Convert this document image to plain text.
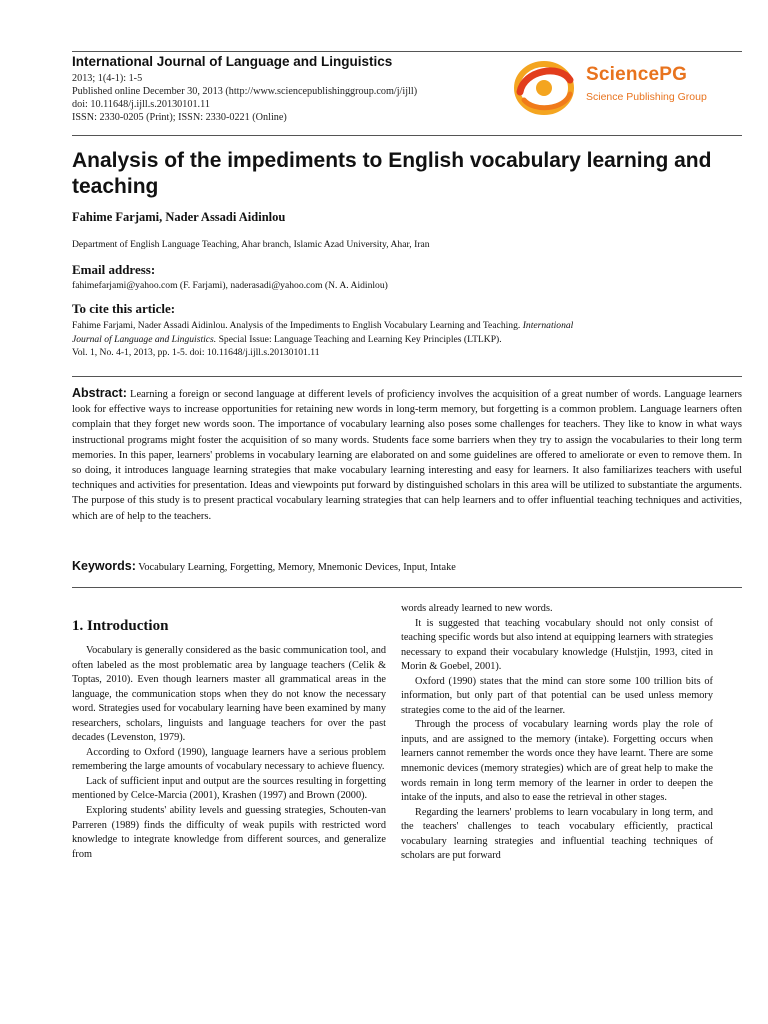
International Journal of Language and Linguistics
2013; 1(4-1): 1-5
Published online December 30, 2013 (http://www.sciencepublishinggroup.com/j/ijll)
doi: 10.11648/j.ijll.s.20130101.11
ISSN: 2330-0205 (Print); ISSN: 2330-0221 (Online)
SciencePG
Science Publishing Group
Analysis of the impediments to English vocabulary learning and teaching
Fahime Farjami, Nader Assadi Aidinlou
Department of English Language Teaching, Ahar branch, Islamic Azad University, Ahar, Iran
Email address:
fahimefarjami@yahoo.com (F. Farjami), naderasadi@yahoo.com (N. A. Aidinlou)
To cite this article:
Fahime Farjami, Nader Assadi Aidinlou. Analysis of the Impediments to English Vocabulary Learning and Teaching. International
Journal of Language and Linguistics. Special Issue: Language Teaching and Learning Key Principles (LTLKP).
Vol. 1, No. 4-1, 2013, pp. 1-5. doi: 10.11648/j.ijll.s.20130101.11
Abstract: Learning a foreign or second language at different levels of proficiency involves the acquisition of a great number of words. Language learners look for effective ways to increase opportunities for retaining new words in long-term memory, but forgetting is a common problem. Language learners often complain that they forget new words soon. The importance of vocabulary learning also poses some challenges for teachers. They like to know in what ways instructional programs might foster the acquisition of so many words. Students face some barriers when they try to assign the vocabularies to their long term memories. In this paper, learners' problems in vocabulary learning are elaborated on and some guidelines are offered to ameliorate or even to remove them. In so doing, it introduces language learning strategies that make vocabulary learning interesting and easy for learners. It also familiarizes teachers with useful techniques and activities for presentation. Ideas and viewpoints put forward by distinguished scholars in this area will be utilized to substantiate the arguments. The purpose of this study is to present practical vocabulary learning strategies that can help learners and to offer influential teaching techniques and activities, which are of help to the teachers.
Keywords: Vocabulary Learning, Forgetting, Memory, Mnemonic Devices, Input, Intake
1. Introduction

Vocabulary is generally considered as the basic communication tool, and often labeled as the most problematic area by language teachers (Celik & Toptas, 2010). Even though learners master all grammatical areas in the language, the communication stops when they do not know the necessary word. Strategies used for vocabulary learning have been examined by many researchers, scholars, linguists and language teachers for over the past decades (Levenston, 1979).

According to Oxford (1990), language learners have a serious problem remembering the large amounts of vocabulary necessary to achieve fluency.

Lack of sufficient input and output are the sources resulting in forgetting mentioned by Celce-Marcia (2001), Krashen (1997) and Brown (2000).

Exploring students' ability levels and guessing strategies, Schouten-van Parreren (1989) finds the difficulty of weak pupils with restricted word knowledge to integrate knowledge from different sources, and generalize from

words already learned to new words.

It is suggested that teaching vocabulary should not only consist of teaching specific words but also intend at equipping learners with strategies necessary to expand their vocabulary knowledge (Hulstjin, 1993, cited in Morin & Goebel, 2001).

Oxford (1990) states that the mind can store some 100 trillion bits of information, but only part of that potential can be used unless memory strategies come to the aid of the learner.

Through the process of vocabulary learning words play the role of inputs, and are assigned to the memory (intake). Forgetting occurs when learners cannot remember the words once they have learnt. There are some mnemonic devices (memory strategies) which are of great help to make the words remain in long term memory of the learner in order to deepen the intake of the inputs, and also to ease the retrieval in other stages.

Regarding the learners' problems to learn vocabulary in long term, and the teachers' challenges to teach vocabulary efficiently, practical vocabulary learning strategies and influential teaching techniques of scholars are put forward
